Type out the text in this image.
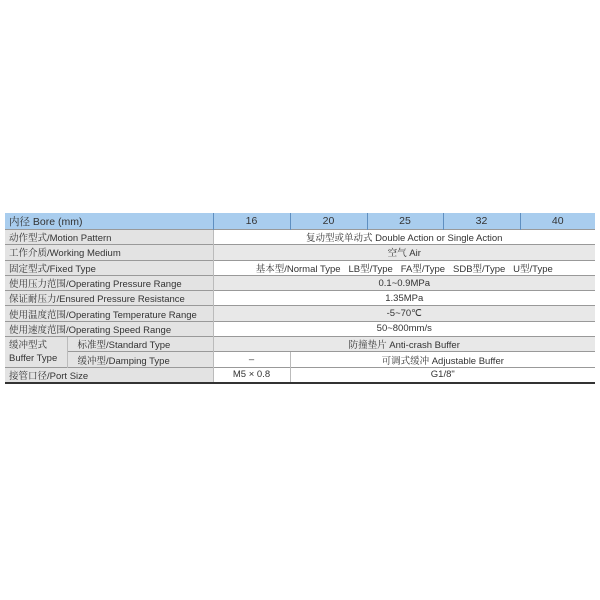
内径 Bore (mm)		16	20	25	32	40
动作型式/Motion Pattern		复动型或单动式 Double Action or Single Action				
工作介质/Working Medium		空气 Air				
固定型式/Fixed Type		基本型/Normal Type   LB型/Type   FA型/Type   SDB型/Type   U型/Type				
使用压力范围/Operating Pressure Range		0.1~0.9MPa				
保证耐压力/Ensured Pressure Resistance		1.35MPa				
使用温度范围/Operating Temperature Range		-5~70℃				
使用速度范围/Operating Speed Range		50~800mm/s				
缓冲型式
Buffer Type	标准型/Standard Type	防撞垫片 Anti-crash Buffer				
	缓冲型/Damping Type	–	可调式缓冲 Adjustable Buffer			
接管口径/Port Size		M5 × 0.8	G1/8"			
